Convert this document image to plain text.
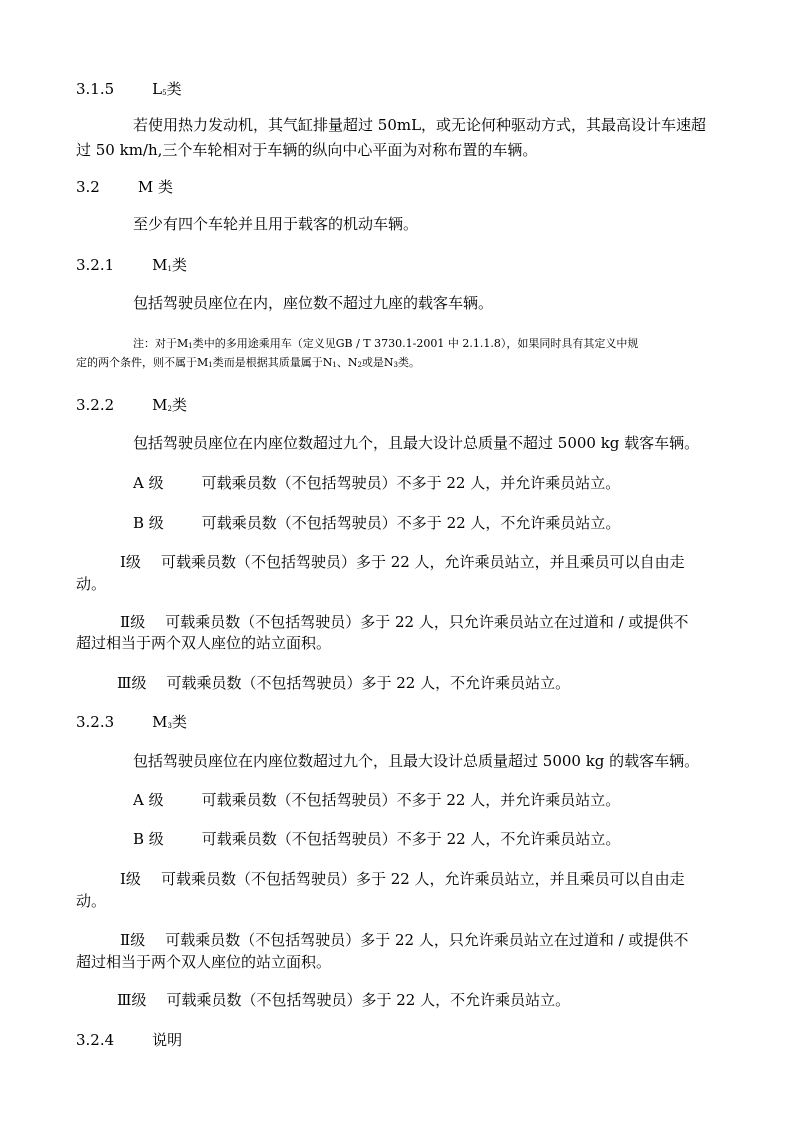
3.1.5	$L_5$类
若使用热力发动机，其气缸排量超过 50mL，或无论何种驱动方式，其最高设计车速超
过 50 km/h,三个车轮相对于车辆的纵向中心平面为对称布置的车辆。
3.2	M 类
至少有四个车轮并且用于载客的机动车辆。
3.2.1	$M_1$类
包括驾驶员座位在内，座位数不超过九座的载客车辆。
注：对于$M_1$类中的多用途乘用车（定义见GB / T 3730.1-2001 中 2.1.1.8），如果同时具有其定义中规
定的两个条件，则不属于$M_1$类而是根据其质量属于$N_1$、$N_2$或是$N_3$类。
3.2.2	$M_2$类
包括驾驶员座位在内座位数超过九个，且最大设计总质量不超过 5000 kg 载客车辆。
A 级	可载乘员数（不包括驾驶员）不多于 22 人，并允许乘员站立。
B 级	可载乘员数（不包括驾驶员）不多于 22 人，不允许乘员站立。
Ⅰ级 可载乘员数（不包括驾驶员）多于 22 人，允许乘员站立，并且乘员可以自由走
动。
Ⅱ级 可载乘员数（不包括驾驶员）多于 22 人，只允许乘员站立在过道和 / 或提供不
超过相当于两个双人座位的站立面积。
Ⅲ级 可载乘员数（不包括驾驶员）多于 22 人，不允许乘员站立。
3.2.3	$M_3$类
包括驾驶员座位在内座位数超过九个，且最大设计总质量超过 5000 kg 的载客车辆。
A 级	可载乘员数（不包括驾驶员）不多于 22 人，并允许乘员站立。
B 级	可载乘员数（不包括驾驶员）不多于 22 人，不允许乘员站立。
Ⅰ级 可载乘员数（不包括驾驶员）多于 22 人，允许乘员站立，并且乘员可以自由走
动。
Ⅱ级 可载乘员数（不包括驾驶员）多于 22 人，只允许乘员站立在过道和 / 或提供不
超过相当于两个双人座位的站立面积。
Ⅲ级 可载乘员数（不包括驾驶员）多于 22 人，不允许乘员站立。
3.2.4	说明
